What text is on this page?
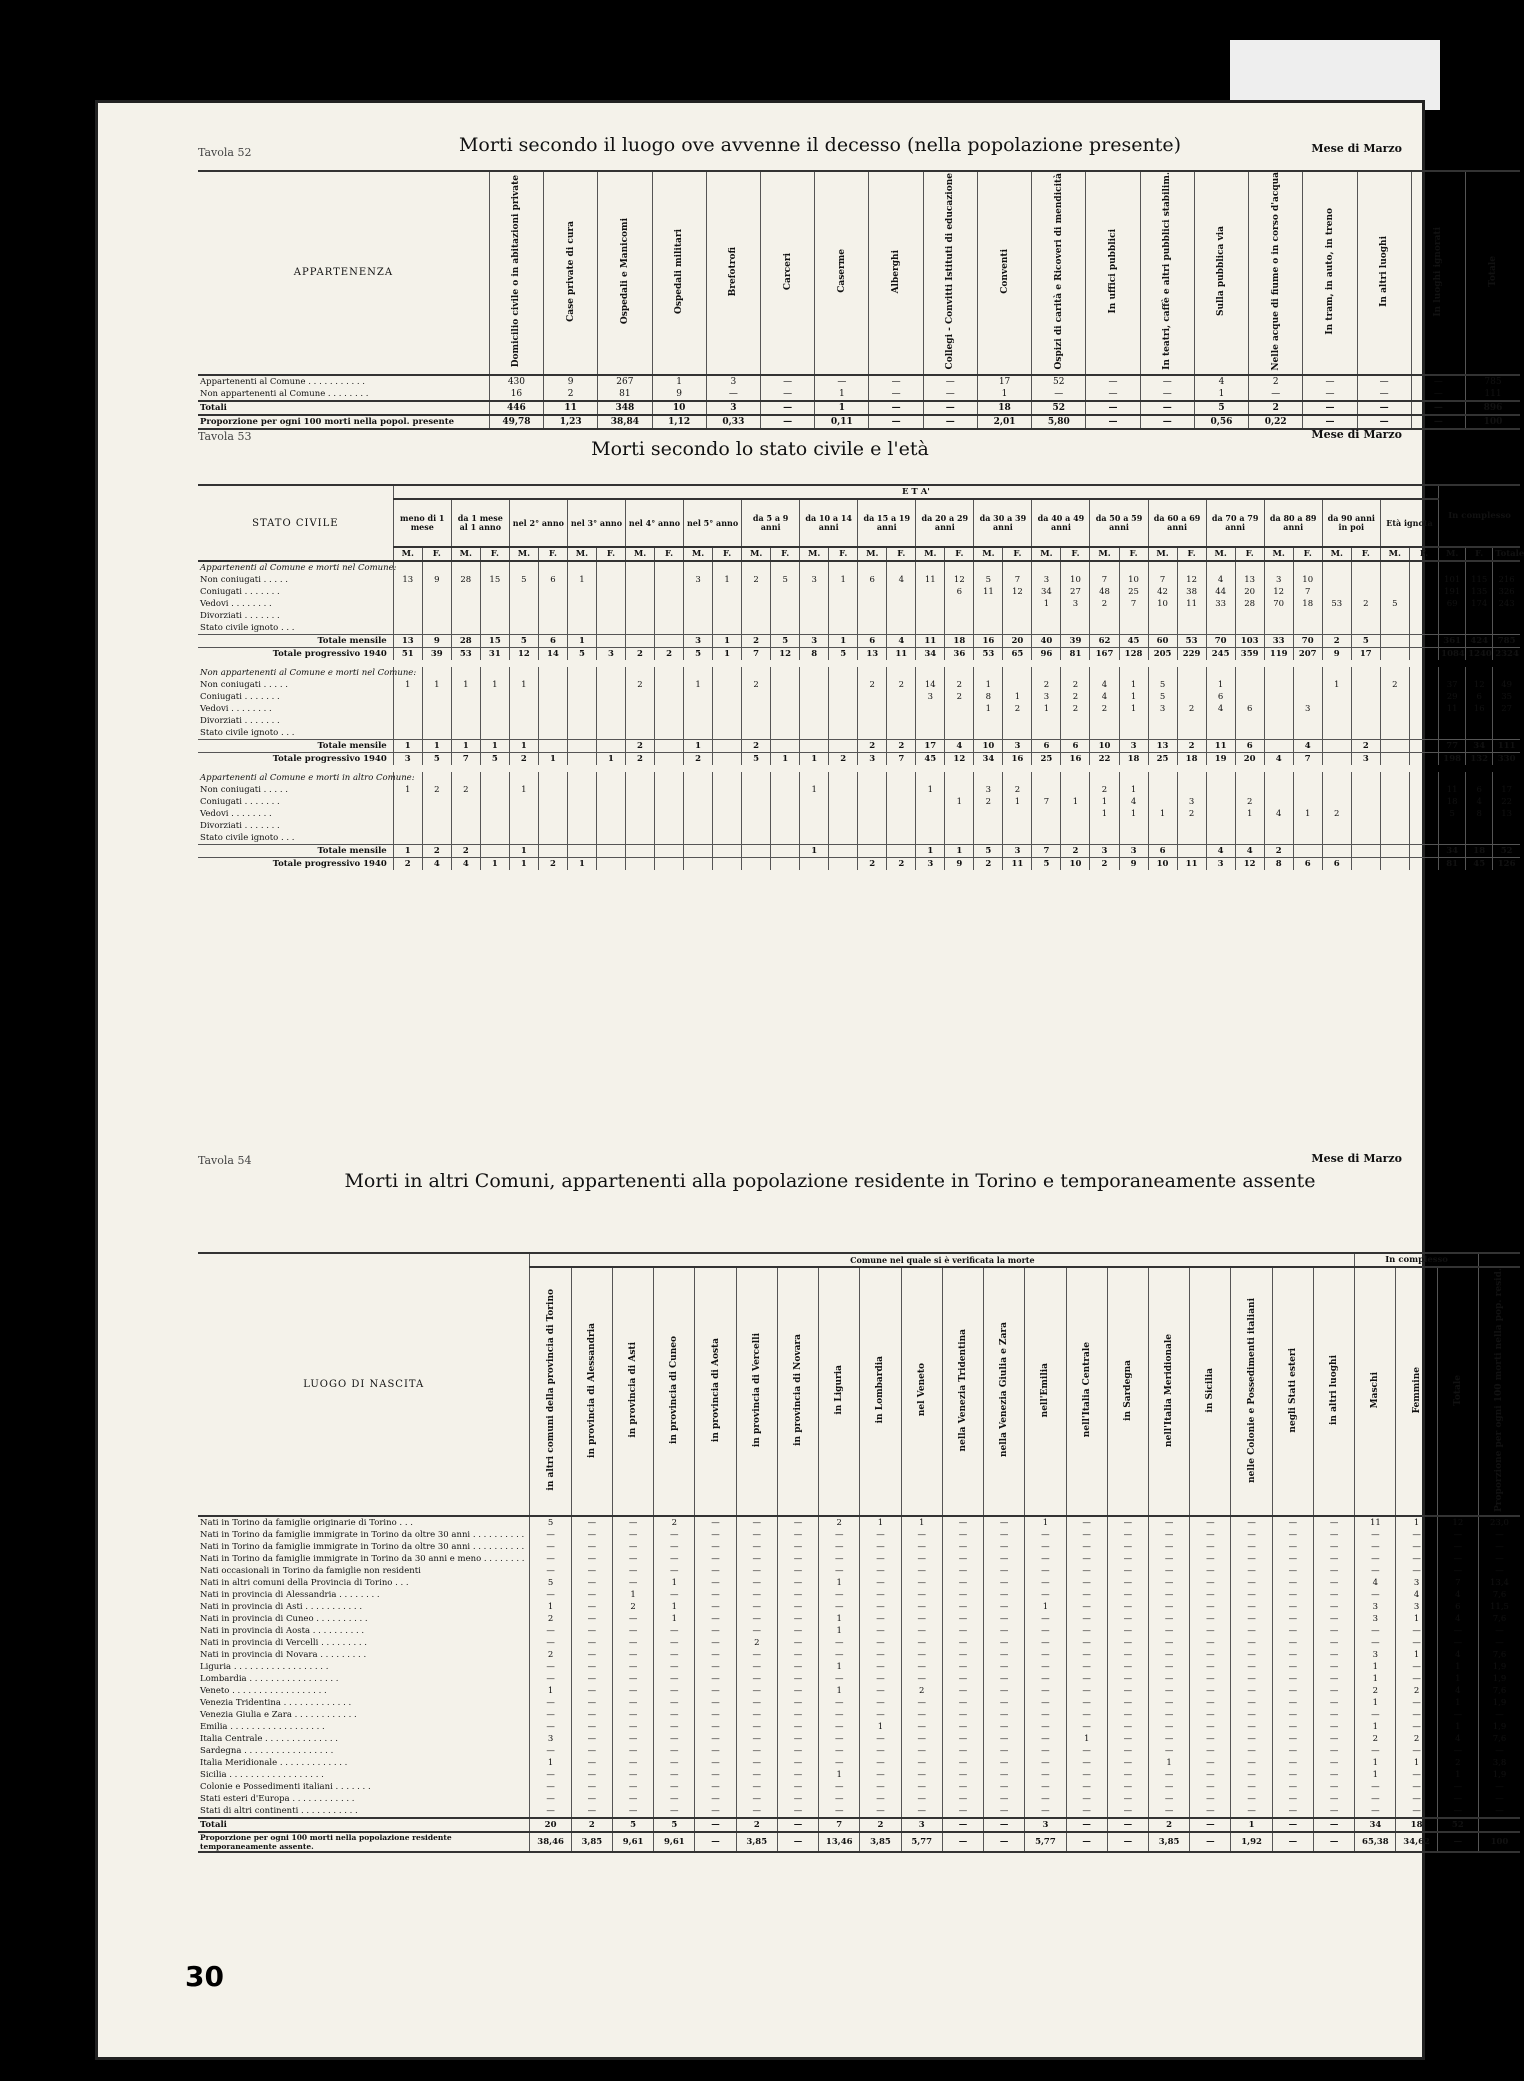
Tavola 52	Morti secondo il luogo ove avvenne il decesso (nella popolazione presente)	Mese di Marzo
APPARTENENZA	Domicilio civile o in abitazioni private	Case private di cura	Ospedali e Manicomi	Ospedali militari	Brefotrofi	Carceri	Caserme	Alberghi	Collegi - Convitti Istituti di educazione	Conventi	Ospizi di carità e Ricoveri di mendicità	In uffici pubblici	In teatri, caffè e altri pubblici stabilim.	Sulla pubblica via	Nelle acque di fiume o in corso d'acqua	In tram, in auto, in treno	In altri luoghi	In luoghi ignorati	Totale
Appartenenti al Comune . . . . . . . . . . .	430	9	267	1	3	—	—	—	—	17	52	—	—	4	2	—	—	—	785
Non appartenenti al Comune . . . . . . . .	16	2	81	9	—	—	1	—	—	1	—	—	—	1	—	—	—	—	111
Totali	446	11	348	10	3	—	1	—	—	18	52	—	—	5	2	—	—	—	896
Proporzione per ogni 100 morti nella popol. presente	49,78	1,23	38,84	1,12	0,33	—	0,11	—	—	2,01	5,80	—	—	0,56	0,22	—	—	—	100
Tavola 53
Morti secondo lo stato civile e l'età
Mese di Marzo
STATO CIVILE	E T A'																																				In complesso		
	meno di 1 mese		da 1 mese al 1 anno		nel 2° anno		nel 3° anno		nel 4° anno		nel 5° anno		da 5 a 9 anni		da 10 a 14 anni		da 15 a 19 anni		da 20 a 29 anni		da 30 a 39 anni		da 40 a 49 anni		da 50 a 59 anni		da 60 a 69 anni		da 70 a 79 anni		da 80 a 89 anni		da 90 anni in poi		Età ignota				
	M.	F.	M.	F.	M.	F.	M.	F.	M.	F.	M.	F.	M.	F.	M.	F.	M.	F.	M.	F.	M.	F.	M.	F.	M.	F.	M.	F.	M.	F.	M.	F.	M.	F.	M.	F.	M.	F.	Totale
Appartenenti al Comune e morti nel Comune:																																							
Non coniugati . . . . .	13	9	28	15	5	6	1				3	1	2	5	3	1	6	4	11	12	5	7	3	10	7	10	7	12	4	13	3	10					101	115	216
Coniugati . . . . . . .																				6	11	12	34	27	48	25	42	38	44	20	12	7					191	135	326
Vedovi . . . . . . . .																							1	3	2	7	10	11	33	28	70	18	53	2	5		69	174	243
Divorziati . . . . . . .																																							
Stato civile ignoto . . .																																							
Totale mensile	13	9	28	15	5	6	1				3	1	2	5	3	1	6	4	11	18	16	20	40	39	62	45	60	53	70	103	33	70	2	5			361	424	785
Totale progressivo 1940	51	39	53	31	12	14	5	3	2	2	5	1	7	12	8	5	13	11	34	36	53	65	96	81	167	128	205	229	245	359	119	207	9	17			1084	1240	2324

Non appartenenti al Comune e morti nel Comune:																																							
Non coniugati . . . . .	1	1	1	1	1				2		1		2				2	2	14	2	1		2	2	4	1	5		1				1		2		37	12	49
Coniugati . . . . . . .																			3	2	8	1	3	2	4	1	5		6								29	6	35
Vedovi . . . . . . . .																					1	2	1	2	2	1	3	2	4	6		3					11	16	27
Divorziati . . . . . . .																																							
Stato civile ignoto . . .																																							
Totale mensile	1	1	1	1	1				2		1		2				2	2	17	4	10	3	6	6	10	3	13	2	11	6		4		2			77	34	111
Totale progressivo 1940	3	5	7	5	2	1		1	2		2		5	1	1	2	3	7	45	12	34	16	25	16	22	18	25	18	19	20	4	7		3			198	132	330

Appartenenti al Comune e morti in altro Comune:																																							
Non coniugati . . . . .	1	2	2		1										1				1		3	2			2	1											11	6	17
Coniugati . . . . . . .																				1	2	1	7	1	1	4		3		2							18	4	22
Vedovi . . . . . . . .																									1	1	1	2		1	4	1	2				5	8	13
Divorziati . . . . . . .																																							
Stato civile ignoto . . .																																							
Totale mensile	1	2	2		1										1				1	1	5	3	7	2	3	3	6		4	4	2						34	18	52
Totale progressivo 1940	2	4	4	1	1	2	1										2	2	3	9	2	11	5	10	2	9	10	11	3	12	8	6	6				81	45	126
Tavola 54
Morti in altri Comuni, appartenenti alla popolazione residente in Torino e temporaneamente assente
Mese di Marzo
LUOGO DI NASCITA	Comune nel quale si è verificata la morte																				In complesso			
	in altri comuni della provincia di Torino	in provincia di Alessandria	in provincia di Asti	in provincia di Cuneo	in provincia di Aosta	in provincia di Vercelli	in provincia di Novara	in Liguria	in Lombardia	nel Veneto	nella Venezia Tridentina	nella Venezia Giulia e Zara	nell'Emilia	nell'Italia Centrale	in Sardegna	nell'Italia Meridionale	in Sicilia	nelle Colonie e Possedimenti italiani	negli Stati esteri	in altri luoghi	Maschi	Femmine	Totale	Proporzione per ogni 100 morti nella pop. resid.
Nati in Torino da famiglie originarie di Torino . . .	5	—	—	2	—	—	—	2	1	1	—	—	1	—	—	—	—	—	—	—	11	1	12	23,0
Nati in Torino da famiglie immigrate in Torino da oltre 30 anni . . . . . . . . . .	—	—	—	—	—	—	—	—	—	—	—	—	—	—	—	—	—	—	—	—	—	—	—	—
Nati in Torino da famiglie immigrate in Torino da oltre 30 anni . . . . . . . . . .	—	—	—	—	—	—	—	—	—	—	—	—	—	—	—	—	—	—	—	—	—	—	—	—
Nati in Torino da famiglie immigrate in Torino da 30 anni e meno . . . . . . . .	—	—	—	—	—	—	—	—	—	—	—	—	—	—	—	—	—	—	—	—	—	—	—	—
Nati occasionali in Torino da famiglie non residenti	—	—	—	—	—	—	—	—	—	—	—	—	—	—	—	—	—	—	—	—	—	—	—	—
Nati in altri comuni della Provincia di Torino . . .	5	—	—	1	—	—	—	1	—	—	—	—	—	—	—	—	—	—	—	—	4	3	7	13,4
Nati in provincia di Alessandria . . . . . . . .	—	—	1	—	—	—	—	—	—	—	—	—	—	—	—	—	—	—	—	—	—	4	4	7,6
Nati in provincia di Asti . . . . . . . . . . .	1	—	2	1	—	—	—	—	—	—	—	—	1	—	—	—	—	—	—	—	3	3	6	11,5
Nati in provincia di Cuneo . . . . . . . . . .	2	—	—	1	—	—	—	1	—	—	—	—	—	—	—	—	—	—	—	—	3	1	4	7,6
Nati in provincia di Aosta . . . . . . . . . .	—	—	—	—	—	—	—	1	—	—	—	—	—	—	—	—	—	—	—	—	—	—	—	—
Nati in provincia di Vercelli . . . . . . . . .	—	—	—	—	—	2	—	—	—	—	—	—	—	—	—	—	—	—	—	—	—	—	—	—
Nati in provincia di Novara . . . . . . . . .	2	—	—	—	—	—	—	—	—	—	—	—	—	—	—	—	—	—	—	—	3	1	4	7,6
Liguria . . . . . . . . . . . . . . . . . .	—	—	—	—	—	—	—	1	—	—	—	—	—	—	—	—	—	—	—	—	1	—	1	1,9
Lombardia . . . . . . . . . . . . . . . . .	—	—	—	—	—	—	—	—	—	—	—	—	—	—	—	—	—	—	—	—	1	—	1	1,9
Veneto . . . . . . . . . . . . . . . . . .	1	—	—	—	—	—	—	1	—	2	—	—	—	—	—	—	—	—	—	—	2	2	4	7,6
Venezia Tridentina . . . . . . . . . . . . .	—	—	—	—	—	—	—	—	—	—	—	—	—	—	—	—	—	—	—	—	1	—	1	1,9
Venezia Giulia e Zara . . . . . . . . . . . .	—	—	—	—	—	—	—	—	—	—	—	—	—	—	—	—	—	—	—	—	—	—	—	—
Emilia . . . . . . . . . . . . . . . . . .	—	—	—	—	—	—	—	—	1	—	—	—	—	—	—	—	—	—	—	—	1	—	1	1,9
Italia Centrale . . . . . . . . . . . . . .	3	—	—	—	—	—	—	—	—	—	—	—	—	1	—	—	—	—	—	—	2	2	4	7,6
Sardegna . . . . . . . . . . . . . . . . .	—	—	—	—	—	—	—	—	—	—	—	—	—	—	—	—	—	—	—	—	—	—	—	—
Italia Meridionale . . . . . . . . . . . . .	1	—	—	—	—	—	—	—	—	—	—	—	—	—	—	1	—	—	—	—	1	1	2	3,8
Sicilia . . . . . . . . . . . . . . . . . .	—	—	—	—	—	—	—	1	—	—	—	—	—	—	—	—	—	—	—	—	1	—	1	1,9
Colonie e Possedimenti italiani . . . . . . .	—	—	—	—	—	—	—	—	—	—	—	—	—	—	—	—	—	—	—	—	—	—	—	—
Stati esteri d'Europa . . . . . . . . . . . .	—	—	—	—	—	—	—	—	—	—	—	—	—	—	—	—	—	—	—	—	—	—	—	—
Stati di altri continenti . . . . . . . . . . .	—	—	—	—	—	—	—	—	—	—	—	—	—	—	—	—	—	—	—	—	—	—	—	—
Totali	20	2	5	5	—	2	—	7	2	3	—	—	3	—	—	2	—	1	—	—	34	18	52	
Proporzione per ogni 100 morti nella popolazione residente temporaneamente assente.	38,46	3,85	9,61	9,61	—	3,85	—	13,46	3,85	5,77	—	—	5,77	—	—	3,85	—	1,92	—	—	65,38	34,62	—	100
30
